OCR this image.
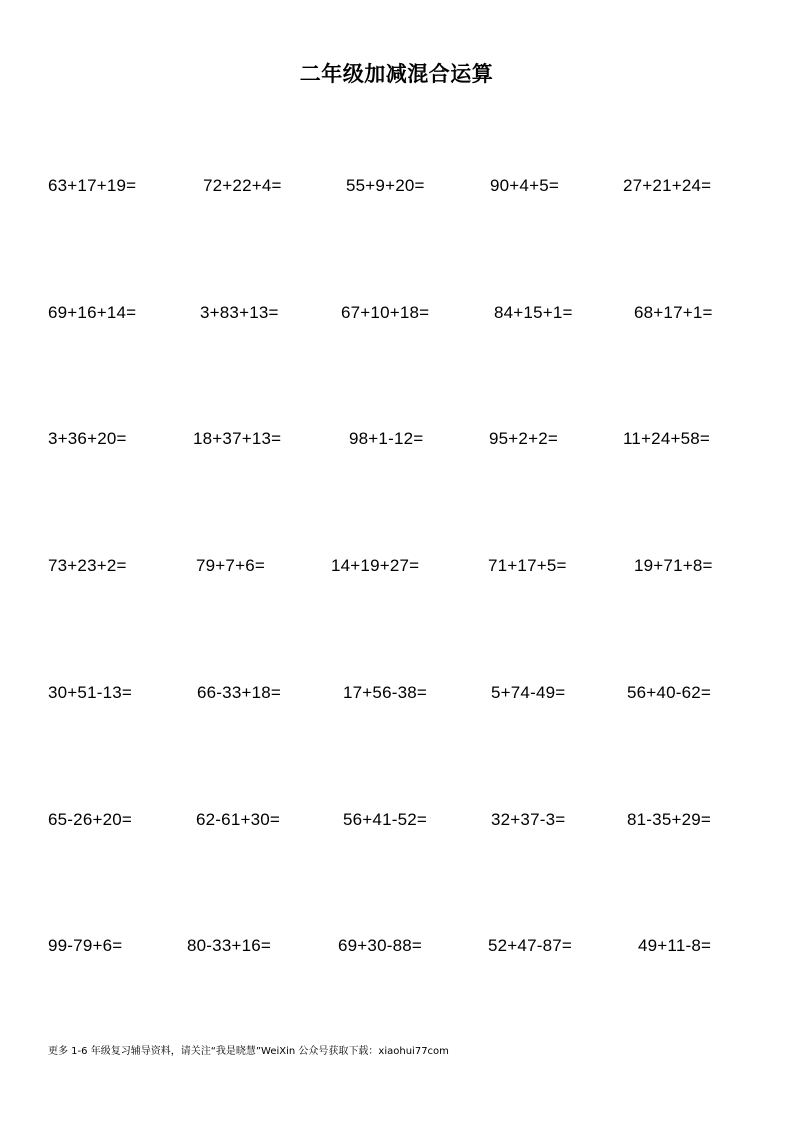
二年级加减混合运算
63+17+19=	72+22+4=	55+9+20=	90+4+5=	27+21+24=
69+16+14=	3+83+13=	67+10+18=	84+15+1=	68+17+1=
3+36+20=	18+37+13=	98+1-12=	95+2+2=	11+24+58=
73+23+2=	79+7+6=	14+19+27=	71+17+5=	19+71+8=
30+51-13=	66-33+18=	17+56-38=	5+74-49=	56+40-62=
65-26+20=	62-61+30=	56+41-52=	32+37-3=	81-35+29=
99-79+6=	80-33+16=	69+30-88=	52+47-87=	49+11-8=
更多 1-6 年级复习辅导资料，请关注“我是晓慧”WeiXin 公众号获取下载：xiaohui77com
